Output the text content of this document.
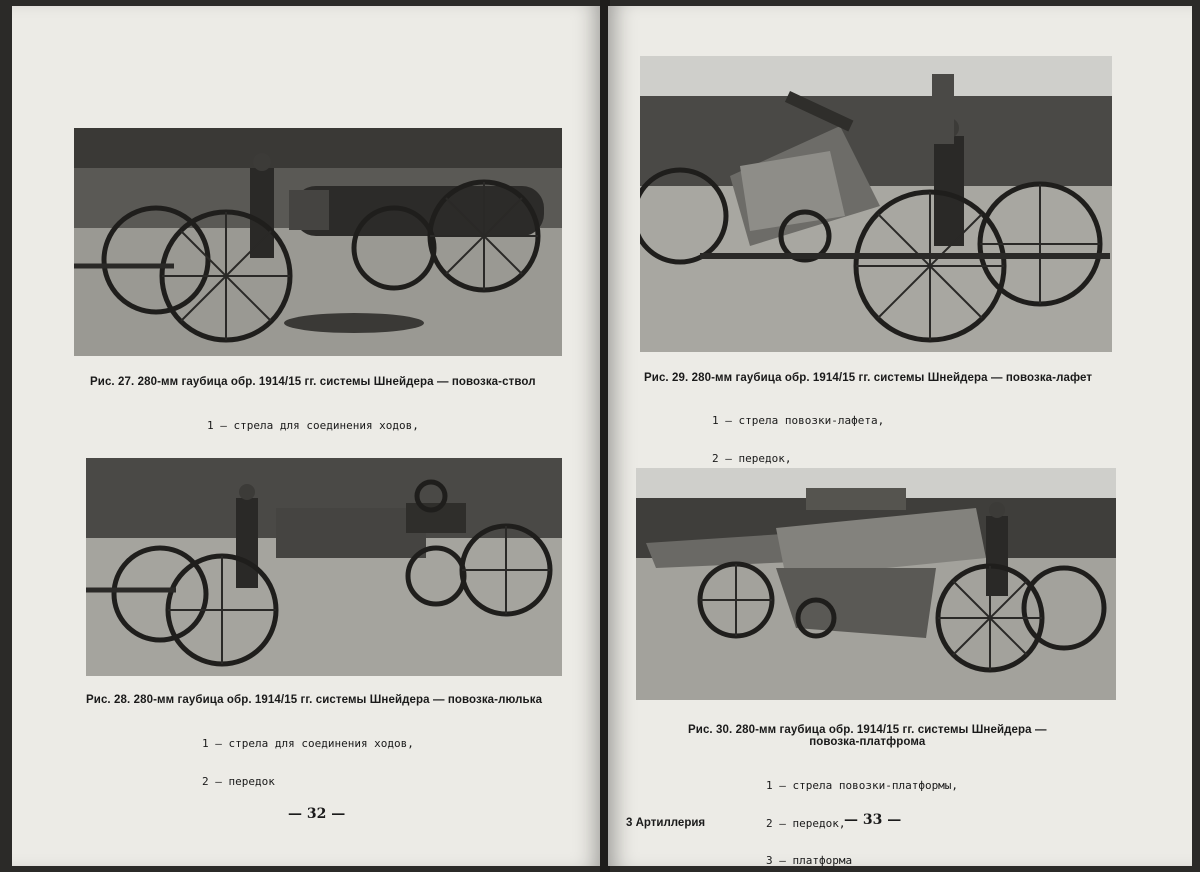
Рис. 27. 280-мм гаубица обр. 1914/15 гг. системы Шнейдера — повозка-ствол

1 — стрела для соединения ходов,

Рис. 28. 280-мм гаубица обр. 1914/15 гг. системы Шнейдера — повозка-люлька

1 — стрела для соединения ходов,

2 — передок

— 32 —
Рис. 29. 280-мм гаубица обр. 1914/15 гг. системы Шнейдера — повозка-лафет

1 — стрела повозки-лафета,

2 — передок,

Рис. 30. 280-мм гаубица обр. 1914/15 гг. системы Шнейдера —
повозка-платфрома

1 — стрела повозки-платформы,

2 — передок,

3 — платформа

3 Артиллерия	— 33 —
